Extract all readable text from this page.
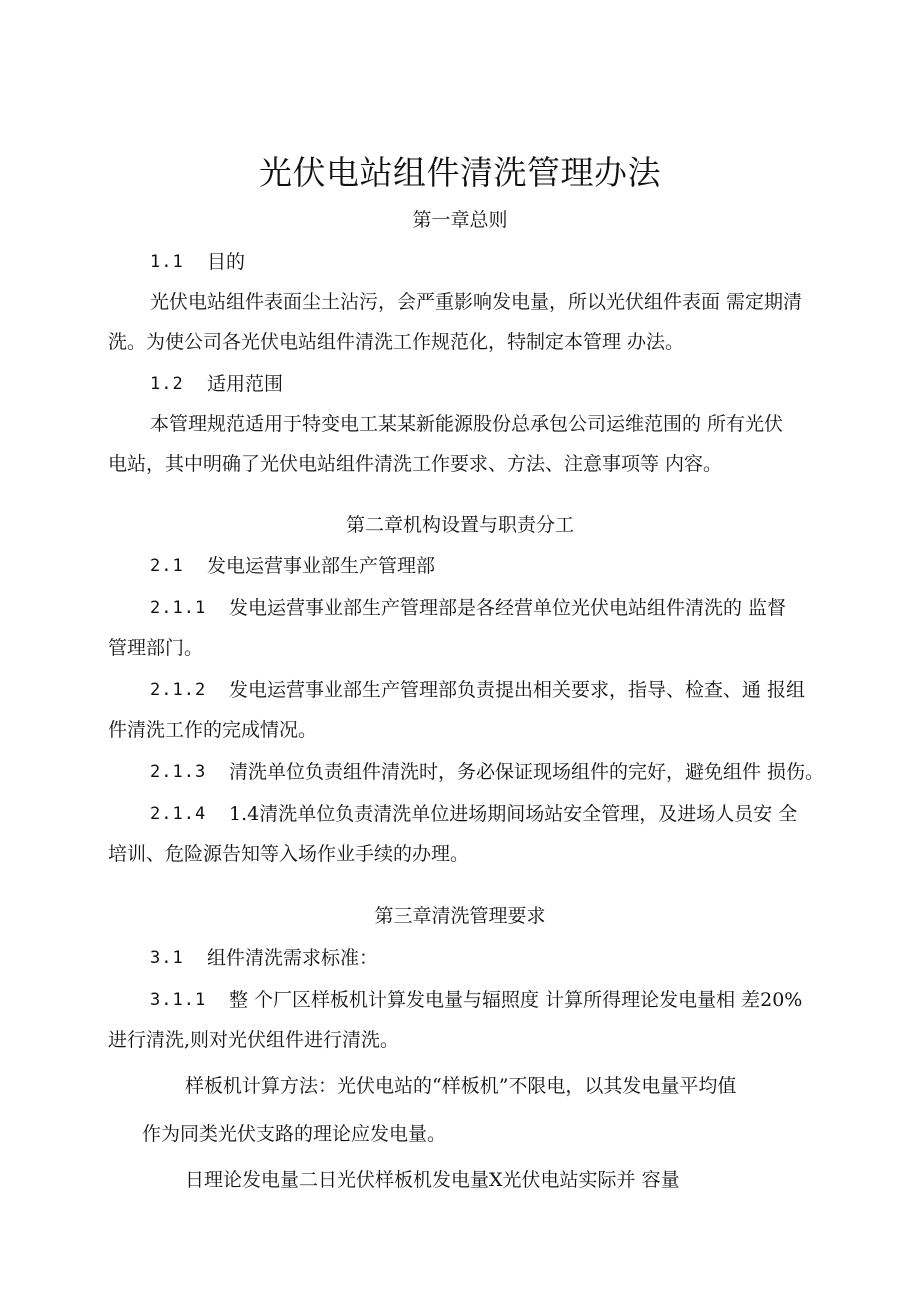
光伏电站组件清洗管理办法
第一章总则
1.1 目的
光伏电站组件表面尘土沾污，会严重影响发电量，所以光伏组件表面 需定期清
洗。为使公司各光伏电站组件清洗工作规范化，特制定本管理 办法。
1.2 适用范围
本管理规范适用于特变电工某某新能源股份总承包公司运维范围的 所有光伏
电站，其中明确了光伏电站组件清洗工作要求、方法、注意事项等 内容。
第二章机构设置与职责分工
2.1 发电运营事业部生产管理部
2.1.1 发电运营事业部生产管理部是各经营单位光伏电站组件清洗的 监督
管理部门。
2.1.2 发电运营事业部生产管理部负责提出相关要求，指导、检查、通 报组
件清洗工作的完成情况。
2.1.3 清洗单位负责组件清洗时，务必保证现场组件的完好，避免组件 损伤。
2.1.4 1.4清洗单位负责清洗单位进场期间场站安全管理，及进场人员安 全
培训、危险源告知等入场作业手续的办理。
第三章清洗管理要求
3.1 组件清洗需求标准：
3.1.1 整 个厂区样板机计算发电量与辐照度 计算所得理论发电量相 差20%
进行清洗,则对光伏组件进行清洗。
样板机计算方法：光伏电站的“样板机”不限电，以其发电量平均值
作为同类光伏支路的理论应发电量。
日理论发电量二日光伏样板机发电量X光伏电站实际并 容量
